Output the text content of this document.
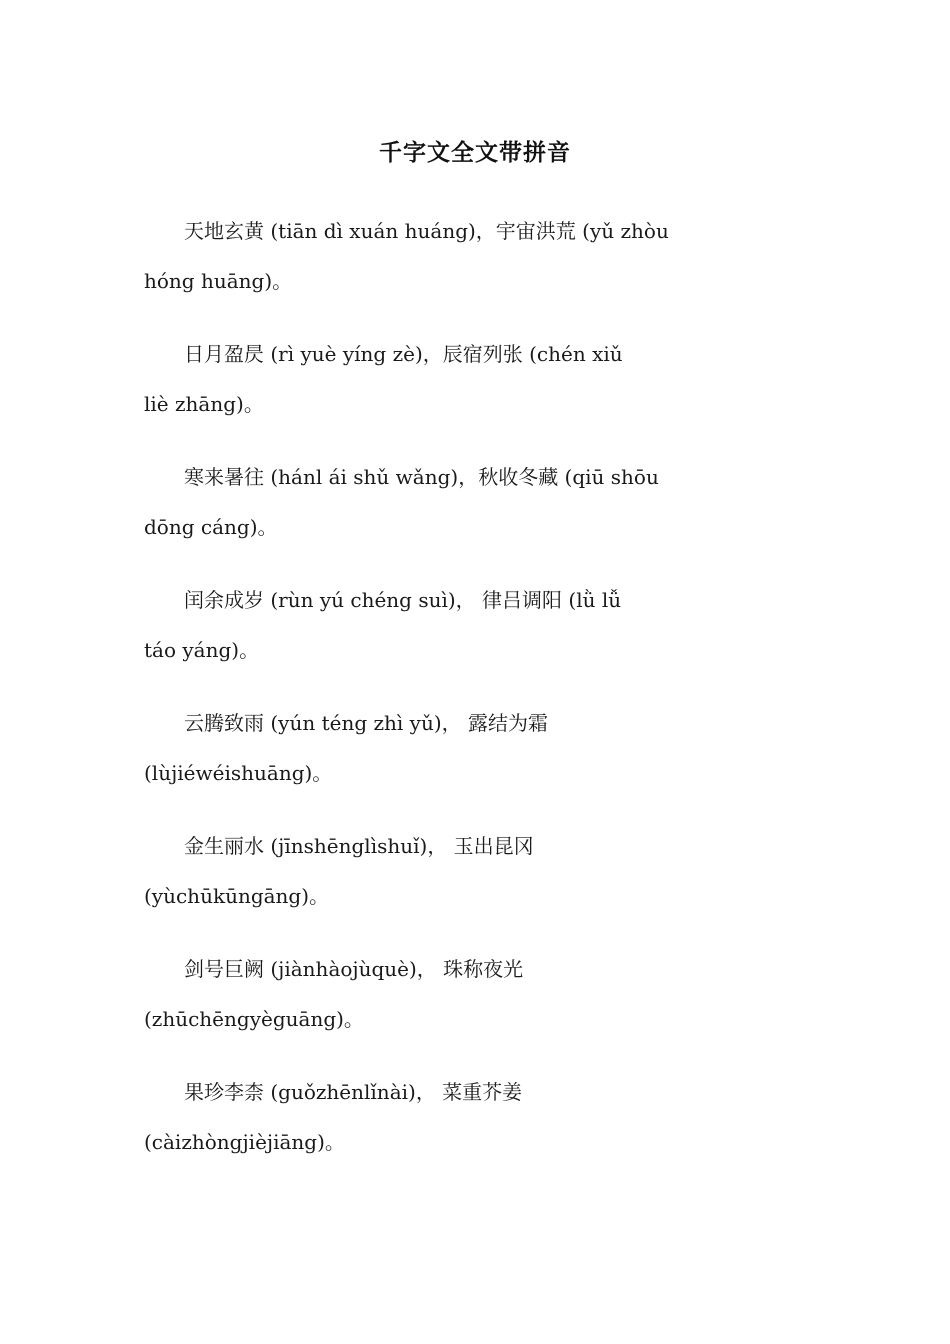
千字文全文带拼音

天地玄黄 (tiān dì xuán huáng)，宇宙洪荒 (yǔ zhòu
hóng huāng)。

日月盈昃 (rì yuè yíng zè)，辰宿列张 (chén xiǔ
liè zhāng)。

寒来暑往 (hánl ái shǔ wǎng)，秋收冬藏 (qiū shōu
dōng cáng)。

闰余成岁 (rùn yú chéng suì)， 律吕调阳 (lǜ lǚ
táo yáng)。

云腾致雨 (yún téng zhì yǔ)， 露结为霜
(lùjiéwéishuāng)。

金生丽水 (jīnshēnglìshuǐ)， 玉出昆冈
(yùchūkūngāng)。

剑号巨阙 (jiànhàojùquè)， 珠称夜光
(zhūchēngyèguāng)。

果珍李柰 (guǒzhēnlǐnài)， 菜重芥姜
(càizhòngjièjiāng)。
